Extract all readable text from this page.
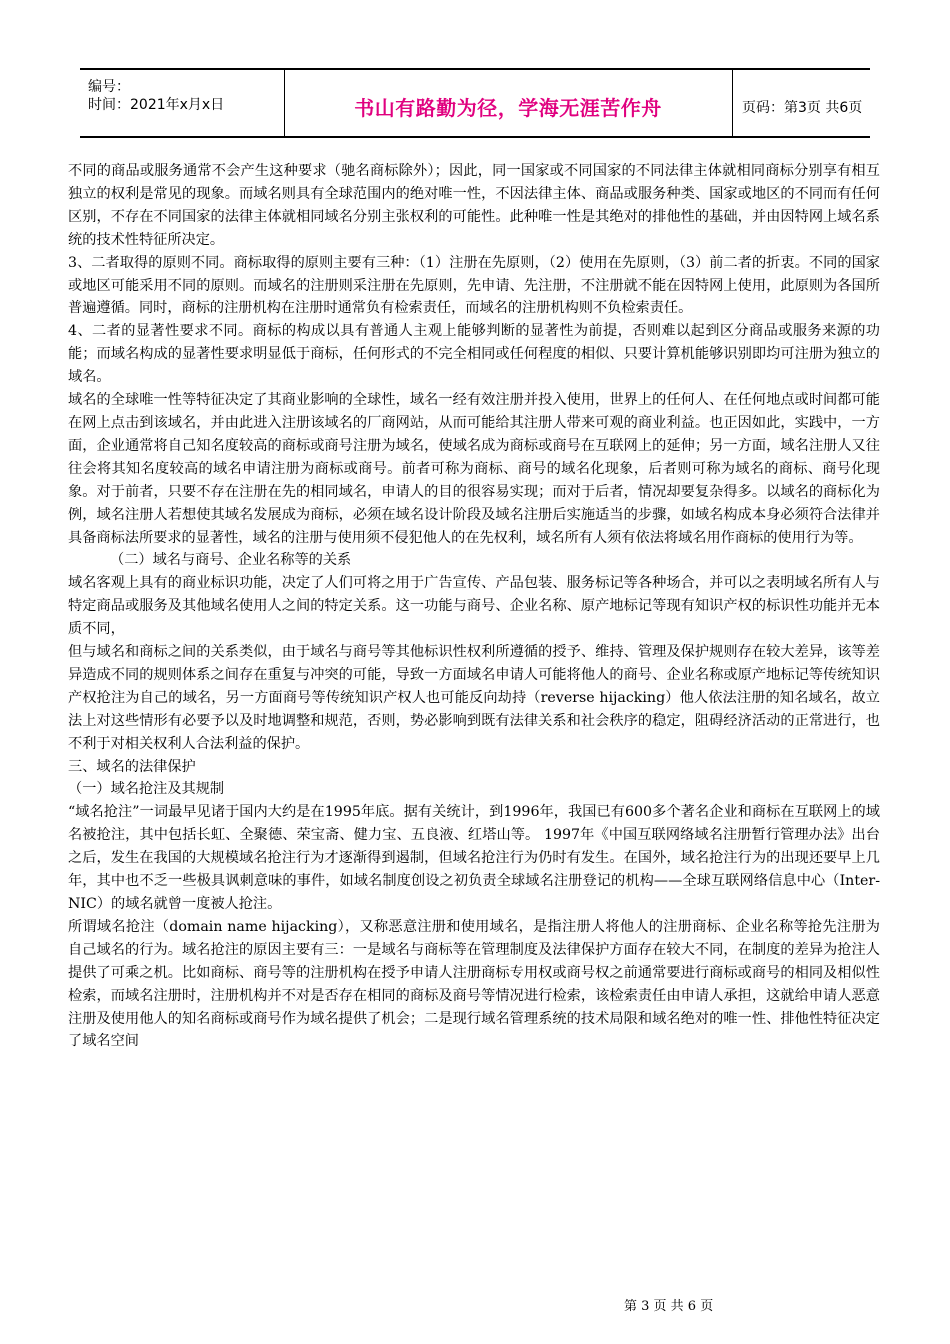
编号：
时间：2021年x月x日	书山有路勤为径，学海无涯苦作舟	页码：第3页 共6页

不同的商品或服务通常不会产生这种要求（驰名商标除外）；因此，同一国家或不同国家的不同法律主体就相同商标分别享有相互独立的权利是常见的现象。而域名则具有全球范围内的绝对唯一性，不因法律主体、商品或服务种类、国家或地区的不同而有任何区别，不存在不同国家的法律主体就相同域名分别主张权利的可能性。此种唯一性是其绝对的排他性的基础，并由因特网上域名系统的技术性特征所决定。

3、二者取得的原则不同。商标取得的原则主要有三种：（1）注册在先原则，（2）使用在先原则，（3）前二者的折衷。不同的国家或地区可能采用不同的原则。而域名的注册则采注册在先原则，先申请、先注册，不注册就不能在因特网上使用，此原则为各国所普遍遵循。同时，商标的注册机构在注册时通常负有检索责任，而域名的注册机构则不负检索责任。

4、二者的显著性要求不同。商标的构成以具有普通人主观上能够判断的显著性为前提，否则难以起到区分商品或服务来源的功能；而域名构成的显著性要求明显低于商标，任何形式的不完全相同或任何程度的相似、只要计算机能够识别即均可注册为独立的域名。

域名的全球唯一性等特征决定了其商业影响的全球性，域名一经有效注册并投入使用，世界上的任何人、在任何地点或时间都可能在网上点击到该域名，并由此进入注册该域名的厂商网站，从而可能给其注册人带来可观的商业利益。也正因如此，实践中，一方面，企业通常将自己知名度较高的商标或商号注册为域名，使域名成为商标或商号在互联网上的延伸；另一方面，域名注册人又往往会将其知名度较高的域名申请注册为商标或商号。前者可称为商标、商号的域名化现象，后者则可称为域名的商标、商号化现象。对于前者，只要不存在注册在先的相同域名，申请人的目的很容易实现；而对于后者，情况却要复杂得多。以域名的商标化为例，域名注册人若想使其域名发展成为商标，必须在域名设计阶段及域名注册后实施适当的步骤，如域名构成本身必须符合法律并具备商标法所要求的显著性，域名的注册与使用须不侵犯他人的在先权利，域名所有人须有依法将域名用作商标的使用行为等。

（二）域名与商号、企业名称等的关系

域名客观上具有的商业标识功能，决定了人们可将之用于广告宣传、产品包装、服务标记等各种场合，并可以之表明域名所有人与特定商品或服务及其他域名使用人之间的特定关系。这一功能与商号、企业名称、原产地标记等现有知识产权的标识性功能并无本质不同，

但与域名和商标之间的关系类似，由于域名与商号等其他标识性权利所遵循的授予、维持、管理及保护规则存在较大差异，该等差异造成不同的规则体系之间存在重复与冲突的可能，导致一方面域名申请人可能将他人的商号、企业名称或原产地标记等传统知识产权抢注为自己的域名，另一方面商号等传统知识产权人也可能反向劫持（reverse hijacking）他人依法注册的知名域名，故立法上对这些情形有必要予以及时地调整和规范，否则，势必影响到既有法律关系和社会秩序的稳定，阻碍经济活动的正常进行，也不利于对相关权利人合法利益的保护。

三、域名的法律保护

（一）域名抢注及其规制

“域名抢注”一词最早见诸于国内大约是在1995年底。据有关统计，到1996年，我国已有600多个著名企业和商标在互联网上的域名被抢注，其中包括长虹、全聚德、荣宝斋、健力宝、五良液、红塔山等。 1997年《中国互联网络域名注册暂行管理办法》出台之后，发生在我国的大规模域名抢注行为才逐渐得到遏制，但域名抢注行为仍时有发生。在国外，域名抢注行为的出现还要早上几年，其中也不乏一些极具讽刺意味的事件，如域名制度创设之初负责全球域名注册登记的机构——全球互联网络信息中心（Inter-NIC）的域名就曾一度被人抢注。

所谓域名抢注（domain name hijacking），又称恶意注册和使用域名，是指注册人将他人的注册商标、企业名称等抢先注册为自己域名的行为。域名抢注的原因主要有三：一是域名与商标等在管理制度及法律保护方面存在较大不同，在制度的差异为抢注人提供了可乘之机。比如商标、商号等的注册机构在授予申请人注册商标专用权或商号权之前通常要进行商标或商号的相同及相似性检索，而域名注册时，注册机构并不对是否存在相同的商标及商号等情况进行检索，该检索责任由申请人承担，这就给申请人恶意注册及使用他人的知名商标或商号作为域名提供了机会；二是现行域名管理系统的技术局限和域名绝对的唯一性、排他性特征决定了域名空间

第 3 页 共 6 页
